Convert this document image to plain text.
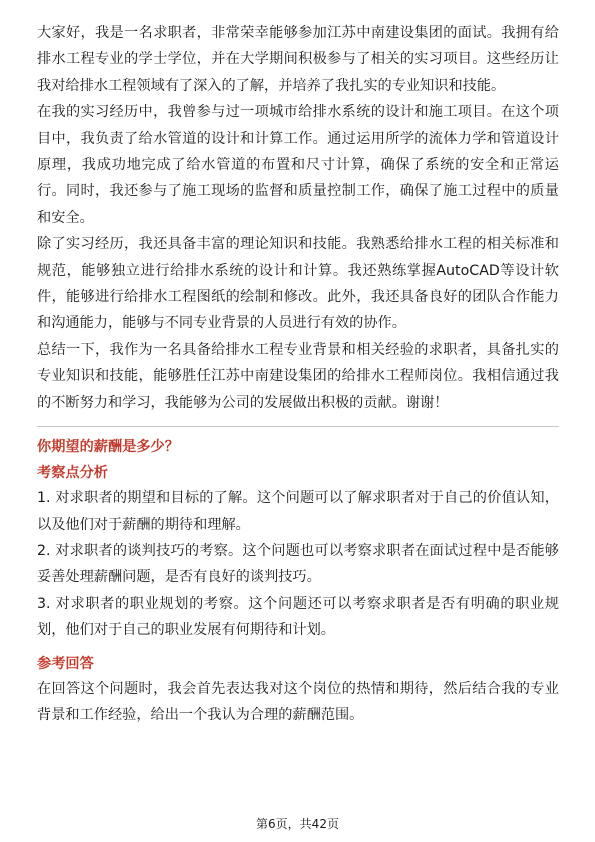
大家好，我是一名求职者，非常荣幸能够参加江苏中南建设集团的面试。我拥有给排水工程专业的学士学位，并在大学期间积极参与了相关的实习项目。这些经历让我对给排水工程领域有了深入的了解，并培养了我扎实的专业知识和技能。

在我的实习经历中，我曾参与过一项城市给排水系统的设计和施工项目。在这个项目中，我负责了给水管道的设计和计算工作。通过运用所学的流体力学和管道设计原理，我成功地完成了给水管道的布置和尺寸计算，确保了系统的安全和正常运行。同时，我还参与了施工现场的监督和质量控制工作，确保了施工过程中的质量和安全。

除了实习经历，我还具备丰富的理论知识和技能。我熟悉给排水工程的相关标准和规范，能够独立进行给排水系统的设计和计算。我还熟练掌握AutoCAD等设计软件，能够进行给排水工程图纸的绘制和修改。此外，我还具备良好的团队合作能力和沟通能力，能够与不同专业背景的人员进行有效的协作。

总结一下，我作为一名具备给排水工程专业背景和相关经验的求职者，具备扎实的专业知识和技能，能够胜任江苏中南建设集团的给排水工程师岗位。我相信通过我的不断努力和学习，我能够为公司的发展做出积极的贡献。谢谢！

你期望的薪酬是多少？

考察点分析

1. 对求职者的期望和目标的了解。这个问题可以了解求职者对于自己的价值认知，以及他们对于薪酬的期待和理解。

2. 对求职者的谈判技巧的考察。这个问题也可以考察求职者在面试过程中是否能够妥善处理薪酬问题，是否有良好的谈判技巧。

3. 对求职者的职业规划的考察。这个问题还可以考察求职者是否有明确的职业规划，他们对于自己的职业发展有何期待和计划。

参考回答

在回答这个问题时，我会首先表达我对这个岗位的热情和期待，然后结合我的专业背景和工作经验，给出一个我认为合理的薪酬范围。

第6页，共42页
